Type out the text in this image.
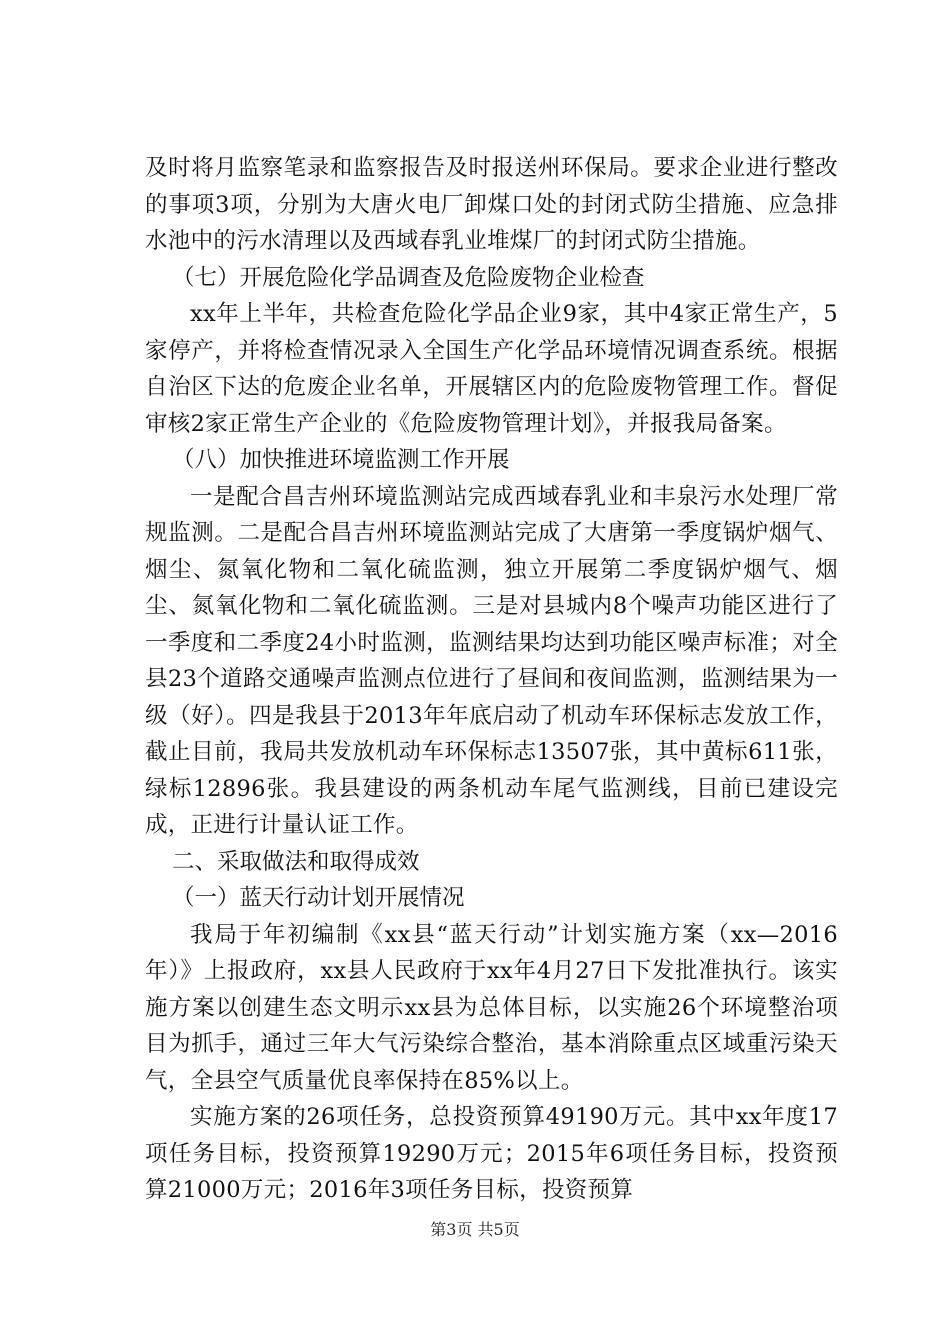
及时将月监察笔录和监察报告及时报送州环保局。要求企业进行整改的事项3项，分别为大唐火电厂卸煤口处的封闭式防尘措施、应急排水池中的污水清理以及西域春乳业堆煤厂的封闭式防尘措施。

（七）开展危险化学品调查及危险废物企业检查

xx年上半年，共检查危险化学品企业9家，其中4家正常生产，5家停产，并将检查情况录入全国生产化学品环境情况调查系统。根据自治区下达的危废企业名单，开展辖区内的危险废物管理工作。督促审核2家正常生产企业的《危险废物管理计划》，并报我局备案。

（八）加快推进环境监测工作开展

一是配合昌吉州环境监测站完成西域春乳业和丰泉污水处理厂常规监测。二是配合昌吉州环境监测站完成了大唐第一季度锅炉烟气、烟尘、氮氧化物和二氧化硫监测，独立开展第二季度锅炉烟气、烟尘、氮氧化物和二氧化硫监测。三是对县城内8个噪声功能区进行了一季度和二季度24小时监测，监测结果均达到功能区噪声标准；对全县23个道路交通噪声监测点位进行了昼间和夜间监测，监测结果为一级（好）。四是我县于2013年年底启动了机动车环保标志发放工作，截止目前，我局共发放机动车环保标志13507张，其中黄标611张，绿标12896张。我县建设的两条机动车尾气监测线，目前已建设完成，正进行计量认证工作。

二、采取做法和取得成效

（一）蓝天行动计划开展情况

我局于年初编制《xx县“蓝天行动”计划实施方案（xx—2016年）》上报政府，xx县人民政府于xx年4月27日下发批准执行。该实施方案以创建生态文明示xx县为总体目标，以实施26个环境整治项目为抓手，通过三年大气污染综合整治，基本消除重点区域重污染天气，全县空气质量优良率保持在85%以上。

实施方案的26项任务，总投资预算49190万元。其中xx年度17项任务目标，投资预算19290万元；2015年6项任务目标，投资预算21000万元；2016年3项任务目标，投资预算

第3页 共5页
